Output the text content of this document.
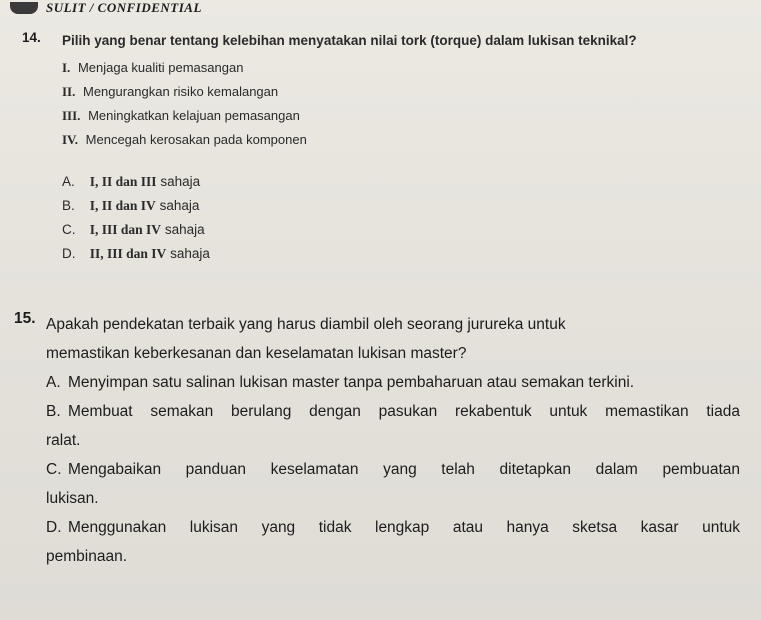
SULIT / CONFIDENTIAL
14.	Pilih yang benar tentang kelebihan menyatakan nilai tork (torque) dalam lukisan teknikal?
I. Menjaga kualiti pemasangan
II. Mengurangkan risiko kemalangan
III. Meningkatkan kelajuan pemasangan
IV. Mencegah kerosakan pada komponen
A. I, II dan III sahaja
B. I, II dan IV sahaja
C. I, III dan IV sahaja
D. II, III dan IV sahaja
15. Apakah pendekatan terbaik yang harus diambil oleh seorang jurureka untuk
memastikan keberkesanan dan keselamatan lukisan master?
A. Menyimpan satu salinan lukisan master tanpa pembaharuan atau semakan terkini.
B. Membuat semakan berulang dengan pasukan rekabentuk untuk memastikan tiada
ralat.
C. Mengabaikan panduan keselamatan yang telah ditetapkan dalam pembuatan
lukisan.
D. Menggunakan lukisan yang tidak lengkap atau hanya sketsa kasar untuk
pembinaan.
